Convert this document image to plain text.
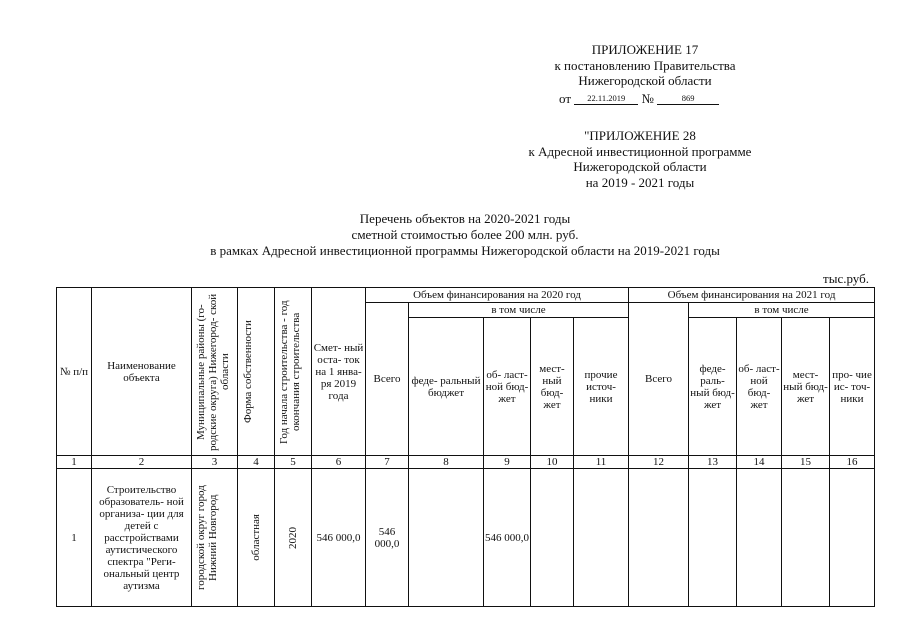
ПРИЛОЖЕНИЕ 17
к постановлению Правительства
Нижегородской области
от 22.11.2019 №	869
"ПРИЛОЖЕНИЕ 28
к Адресной инвестиционной программе
Нижегородской области
на 2019 - 2021 годы
Перечень объектов на 2020-2021 годы
сметной стоимостью более 200 млн. руб.
в рамках Адресной инвестиционной программы Нижегородской области на 2019-2021 годы
тыс.руб.
№ п/п	Наименование объекта	Муниципальные районы (го- родские округа) Нижегород- ской области	Форма собственности	Год начала строительства - год окончания строительства	Смет- ный оста- ток на 1 янва- ря 2019 года	Объем финансирования на 2020 год					Объем финансирования на 2021 год				
						Всего	в том числе				Всего	в том числе			
							феде- ральный бюджет	об- ласт- ной бюд- жет	мест- ный бюд- жет	прочие источ- ники		феде- раль- ный бюд- жет	об- ласт- ной бюд- жет	мест- ный бюд- жет	про- чие ис- точ- ники
1	2	3	4	5	6	7	8	9	10	11	12	13	14	15	16
1	Строительство образователь- ной организа- ции для детей с расстройствами аутистического спектра "Реги- ональный центр аутизма	городской округ город Нижний Новгород	областная	2020	546 000,0	546 000,0		546 000,0							
